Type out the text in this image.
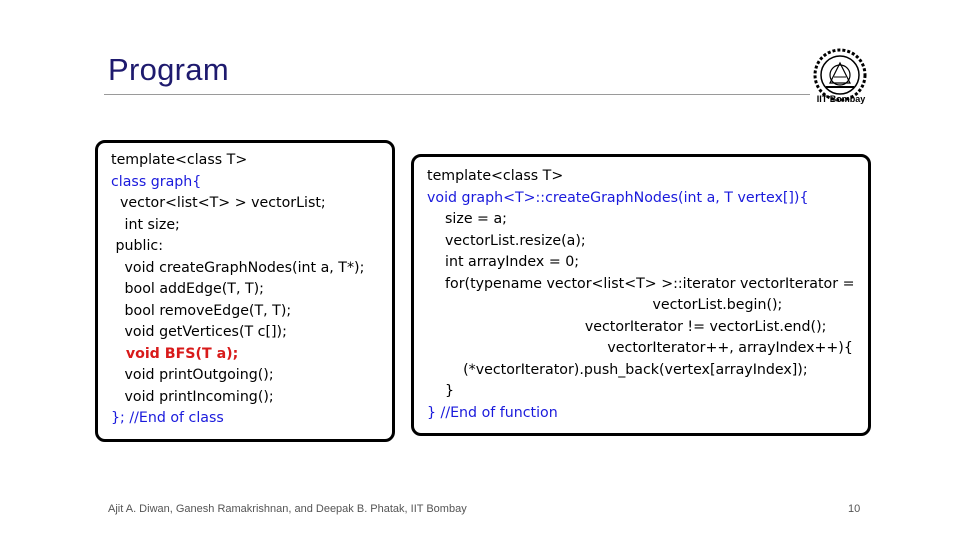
Program
IIT Bombay
template<class T>
class graph{
vector<list<T> > vectorList;
int size;
public:
void createGraphNodes(int a, T*);
bool addEdge(T, T);
bool removeEdge(T, T);
void getVertices(T c[]);
void BFS(T a);
void printOutgoing();
void printIncoming();
}; //End of class
template<class T>
void graph<T>::createGraphNodes(int a, T vertex[]){
size = a;
vectorList.resize(a);
int arrayIndex = 0;
for(typename vector<list<T> >::iterator vectorIterator =
vectorList.begin();
vectorIterator != vectorList.end();
vectorIterator++, arrayIndex++){
(*vectorIterator).push_back(vertex[arrayIndex]);
}
} //End of function
Ajit A. Diwan, Ganesh Ramakrishnan, and Deepak B. Phatak, IIT Bombay	10
